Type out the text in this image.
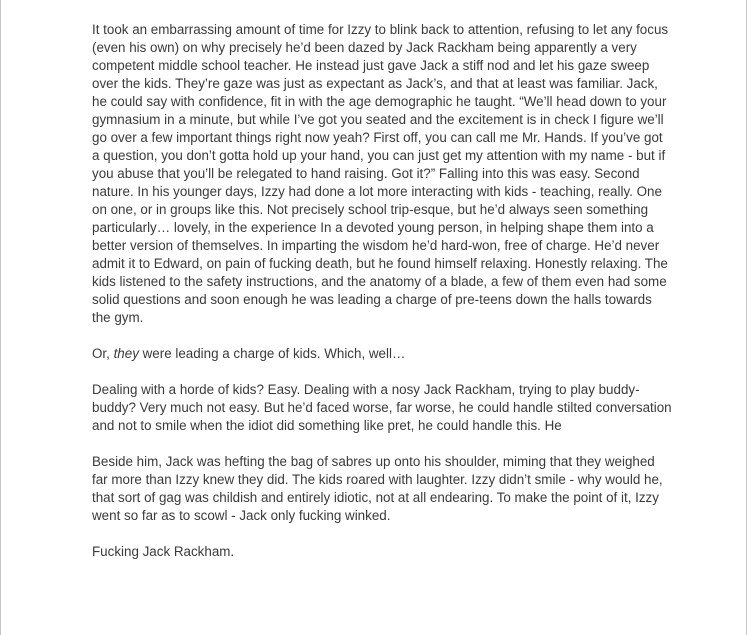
It took an embarrassing amount of time for Izzy to blink back to attention, refusing to let any focus (even his own) on why precisely he’d been dazed by Jack Rackham being apparently a very competent middle school teacher. He instead just gave Jack a stiff nod and let his gaze sweep over the kids. They’re gaze was just as expectant as Jack’s, and that at least was familiar. Jack, he could say with confidence, fit in with the age demographic he taught. “We’ll head down to your gymnasium in a minute, but while I’ve got you seated and the excitement is in check I figure we’ll go over a few important things right now yeah? First off, you can call me Mr. Hands. If you’ve got a question, you don’t gotta hold up your hand, you can just get my attention with my name - but if you abuse that you’ll be relegated to hand raising. Got it?” Falling into this was easy. Second nature. In his younger days, Izzy had done a lot more interacting with kids - teaching, really. One on one, or in groups like this. Not precisely school trip-esque, but he’d always seen something particularly… lovely, in the experience In a devoted young person, in helping shape them into a better version of themselves. In imparting the wisdom he’d hard-won, free of charge. He’d never admit it to Edward, on pain of fucking death, but he found himself relaxing. Honestly relaxing. The kids listened to the safety instructions, and the anatomy of a blade, a few of them even had some solid questions and soon enough he was leading a charge of pre-teens down the halls towards the gym.

Or, they were leading a charge of kids. Which, well…

Dealing with a horde of kids? Easy. Dealing with a nosy Jack Rackham, trying to play buddy-buddy? Very much not easy. But he’d faced worse, far worse, he could handle stilted conversation and not to smile when the idiot did something like pret, he could handle this. He

Beside him, Jack was hefting the bag of sabres up onto his shoulder, miming that they weighed far more than Izzy knew they did. The kids roared with laughter. Izzy didn’t smile - why would he, that sort of gag was childish and entirely idiotic, not at all endearing. To make the point of it, Izzy went so far as to scowl - Jack only fucking winked.

Fucking Jack Rackham.
